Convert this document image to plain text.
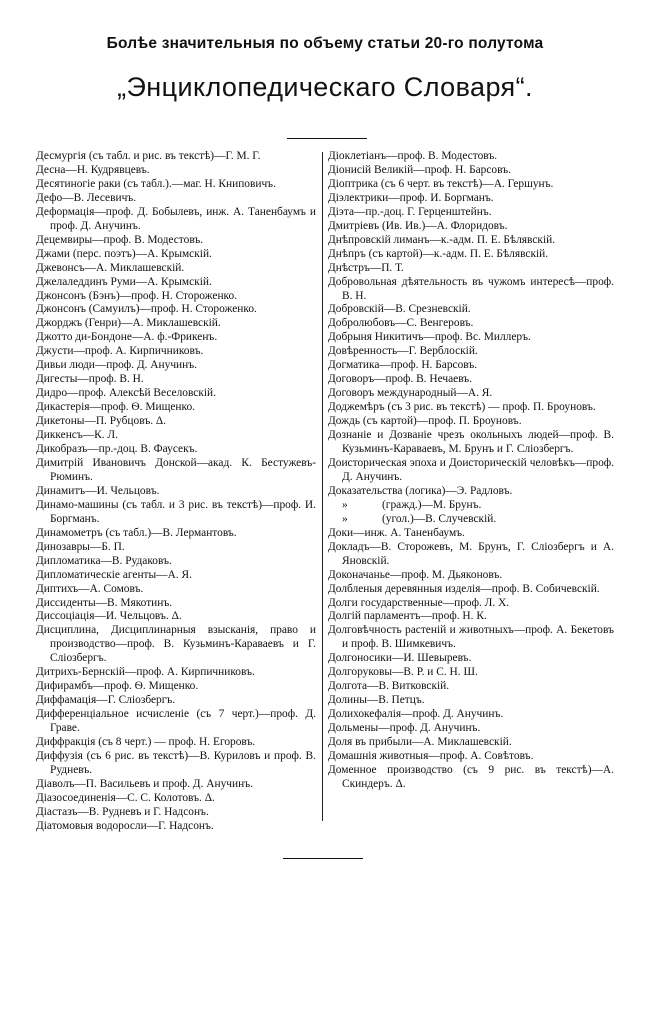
Болѣе значительныя по объему статьи 20-го полутома
„Энциклопедическаго Словаря“.
Десмургія (съ табл. и рис. въ текстѣ)—Г. М. Г.
Десна—Н. Кудрявцевъ.
Десятиногіе раки (съ табл.).—маг. Н. Книповичъ.
Дефо—В. Лесевичъ.
Деформація—проф. Д. Бобылевъ, инж. А. Таненбаумъ и проф. Д. Анучинъ.
Децемвиры—проф. В. Модестовъ.
Джами (перс. поэтъ)—А. Крымскій.
Джевонсъ—А. Миклашевскій.
Джелаледдинъ Руми—А. Крымскій.
Джонсонъ (Бэнъ)—проф. Н. Стороженко.
Джонсонъ (Самуилъ)—проф. Н. Стороженко.
Джорджъ (Генри)—А. Миклашевскій.
Джотто ди-Бондоне—А. ф.-Фрикенъ.
Джусти—проф. А. Кирпичниковъ.
Дивьи люди—проф. Д. Анучинъ.
Дигесты—проф. В. Н.
Дидро—проф. Алексѣй Веселовскій.
Дикастерія—проф. Ѳ. Мищенко.
Дикетоны—П. Рубцовъ. Δ.
Диккенсъ—К. Л.
Дикобразъ—пр.-доц. В. Фаусекъ.
Димитрій Ивановичъ Донской—акад. К. Бестужевъ-Рюминъ.
Динамитъ—И. Чельцовъ.
Динамо-машины (съ табл. и 3 рис. въ текстѣ)—проф. И. Боргманъ.
Динамометръ (съ табл.)—В. Лермантовъ.
Динозавры—Б. П.
Дипломатика—В. Рудаковъ.
Дипломатическіе агенты—А. Я.
Диптихъ—А. Сомовъ.
Диссиденты—В. Мякотинъ.
Диссоціація—И. Чельцовъ. Δ.
Дисциплина, Дисциплинарныя взысканія, право и производство—проф. В. Кузьминъ-Караваевъ и Г. Сліозбергъ.
Дитрихъ-Бернскій—проф. А. Кирпичниковъ.
Дифирамбъ—проф. Ѳ. Мищенко.
Диффамація—Г. Сліозбергъ.
Дифференціальное исчисленіе (съ 7 черт.)—проф. Д. Граве.
Диффракція (съ 8 черт.) — проф. Н. Егоровъ.
Диффузія (съ 6 рис. въ текстѣ)—В. Куриловъ и проф. В. Рудневъ.
Діаволъ—П. Васильевъ и проф. Д. Анучинъ.
Діазосоединенія—С. С. Колотовъ. Δ.
Діастазъ—В. Рудневъ и Г. Надсонъ.
Діатомовыя водоросли—Г. Надсонъ.
Діоклетіанъ—проф. В. Модестовъ.
Діонисій Великій—проф. Н. Барсовъ.
Діоптрика (съ 6 черт. въ текстѣ)—А. Гершунъ.
Діэлектрики—проф. И. Боргманъ.
Діэта—пр.-доц. Г. Герценштейнъ.
Дмитріевъ (Ив. Ив.)—А. Флоридовъ.
Днѣпровскій лиманъ—к.-адм. П. Е. Бѣлявскій.
Днѣпръ (съ картой)—к.-адм. П. Е. Бѣлявскій.
Днѣстръ—П. Т.
Добровольная дѣятельность въ чужомъ интересѣ—проф. В. Н.
Добровскій—В. Срезневскій.
Добролюбовъ—С. Венгеровъ.
Добрыня Никитичъ—проф. Вс. Миллеръ.
Довѣренность—Г. Верблоскій.
Догматика—проф. Н. Барсовъ.
Договоръ—проф. В. Нечаевъ.
Договоръ международный—А. Я.
Доджемѣръ (съ 3 рис. въ текстѣ) — проф. П. Броуновъ.
Дождь (съ картой)—проф. П. Броуновъ.
Дознаніе и Дозваніе чрезъ окольныхъ людей—проф. В. Кузьминъ-Караваевъ, М. Брунъ и Г. Сліозбергъ.
Доисторическая эпоха и Доисторическій человѣкъ—проф. Д. Анучинъ.
Доказательства (логика)—Э. Радловъ.
»	(гражд.)—М. Брунъ.
»	(угол.)—В. Случевскій.
Доки—инж. А. Таненбаумъ.
Докладъ—В. Сторожевъ, М. Брунъ, Г. Сліозбергъ и А. Яновскій.
Доконачанье—проф. М. Дьяконовъ.
Долбленыя деревянныя изделія—проф. В. Собичевскій.
Долги государственные—проф. Л. Х.
Долгій парламентъ—проф. Н. К.
Долговѣчность растеній и животныхъ—проф. А. Бекетовъ и проф. В. Шимкевичъ.
Долгоносики—И. Шевыревъ.
Долгоруковы—В. Р. и С. Н. Ш.
Долгота—В. Витковскій.
Долины—В. Петцъ.
Долихокефалія—проф. Д. Анучинъ.
Дольмены—проф. Д. Анучинъ.
Доля въ прибыли—А. Миклашевскій.
Домашнія животныя—проф. А. Совѣтовъ.
Доменное производство (съ 9 рис. въ текстѣ)—А. Скиндеръ. Δ.
